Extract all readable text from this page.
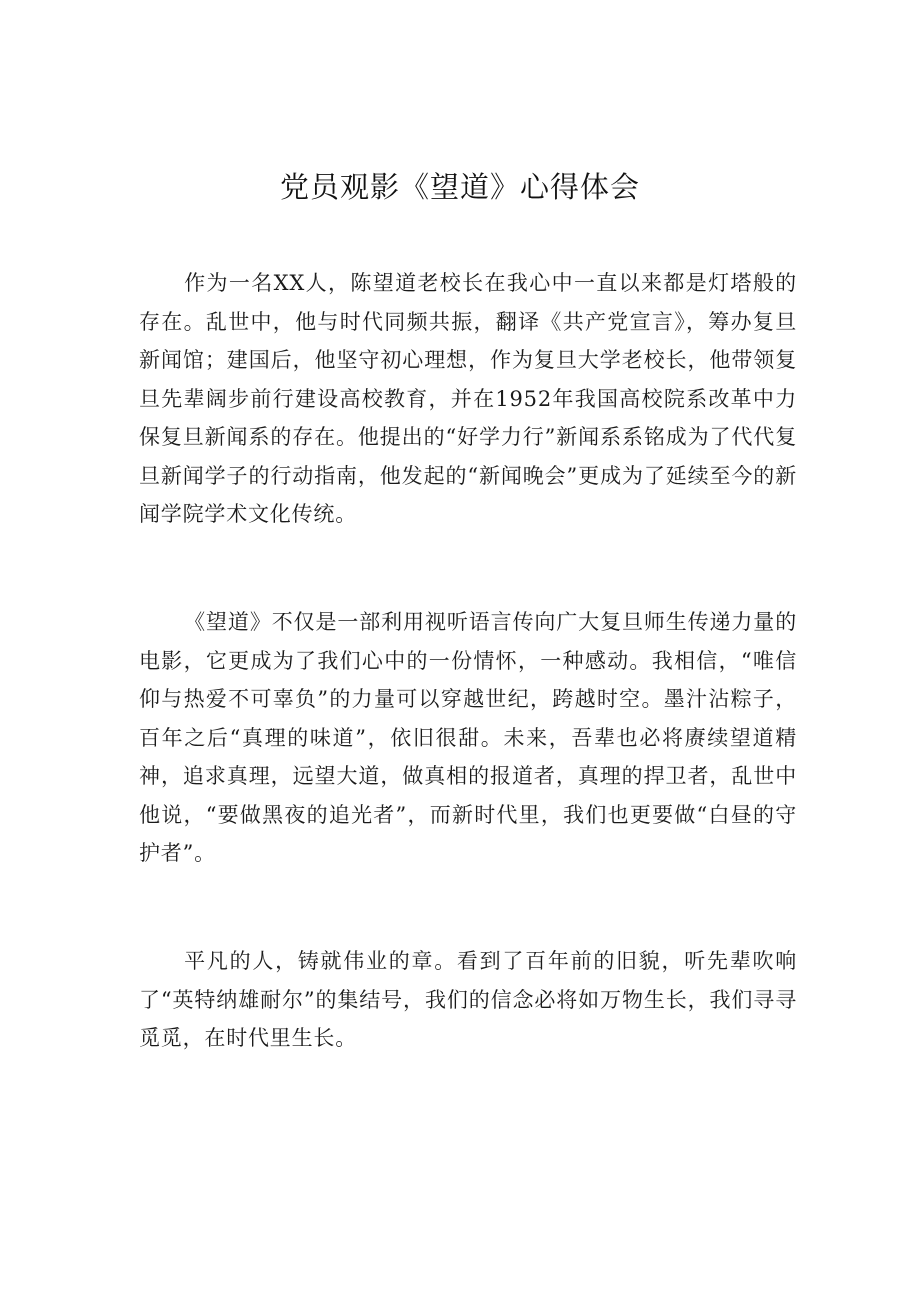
党员观影《望道》心得体会

作为一名XX人，陈望道老校长在我心中一直以来都是灯塔般的存在。乱世中，他与时代同频共振，翻译《共产党宣言》，筹办复旦新闻馆；建国后，他坚守初心理想，作为复旦大学老校长，他带领复旦先辈阔步前行建设高校教育，并在1952年我国高校院系改革中力保复旦新闻系的存在。他提出的“好学力行”新闻系系铭成为了代代复旦新闻学子的行动指南，他发起的“新闻晚会”更成为了延续至今的新闻学院学术文化传统。

《望道》不仅是一部利用视听语言传向广大复旦师生传递力量的电影，它更成为了我们心中的一份情怀，一种感动。我相信，“唯信仰与热爱不可辜负”的力量可以穿越世纪，跨越时空。墨汁沾粽子，百年之后“真理的味道”，依旧很甜。未来，吾辈也必将赓续望道精神，追求真理，远望大道，做真相的报道者，真理的捍卫者，乱世中他说，“要做黑夜的追光者”，而新时代里，我们也更要做“白昼的守护者”。

平凡的人，铸就伟业的章。看到了百年前的旧貌，听先辈吹响了“英特纳雄耐尔”的集结号，我们的信念必将如万物生长，我们寻寻觅觅，在时代里生长。
